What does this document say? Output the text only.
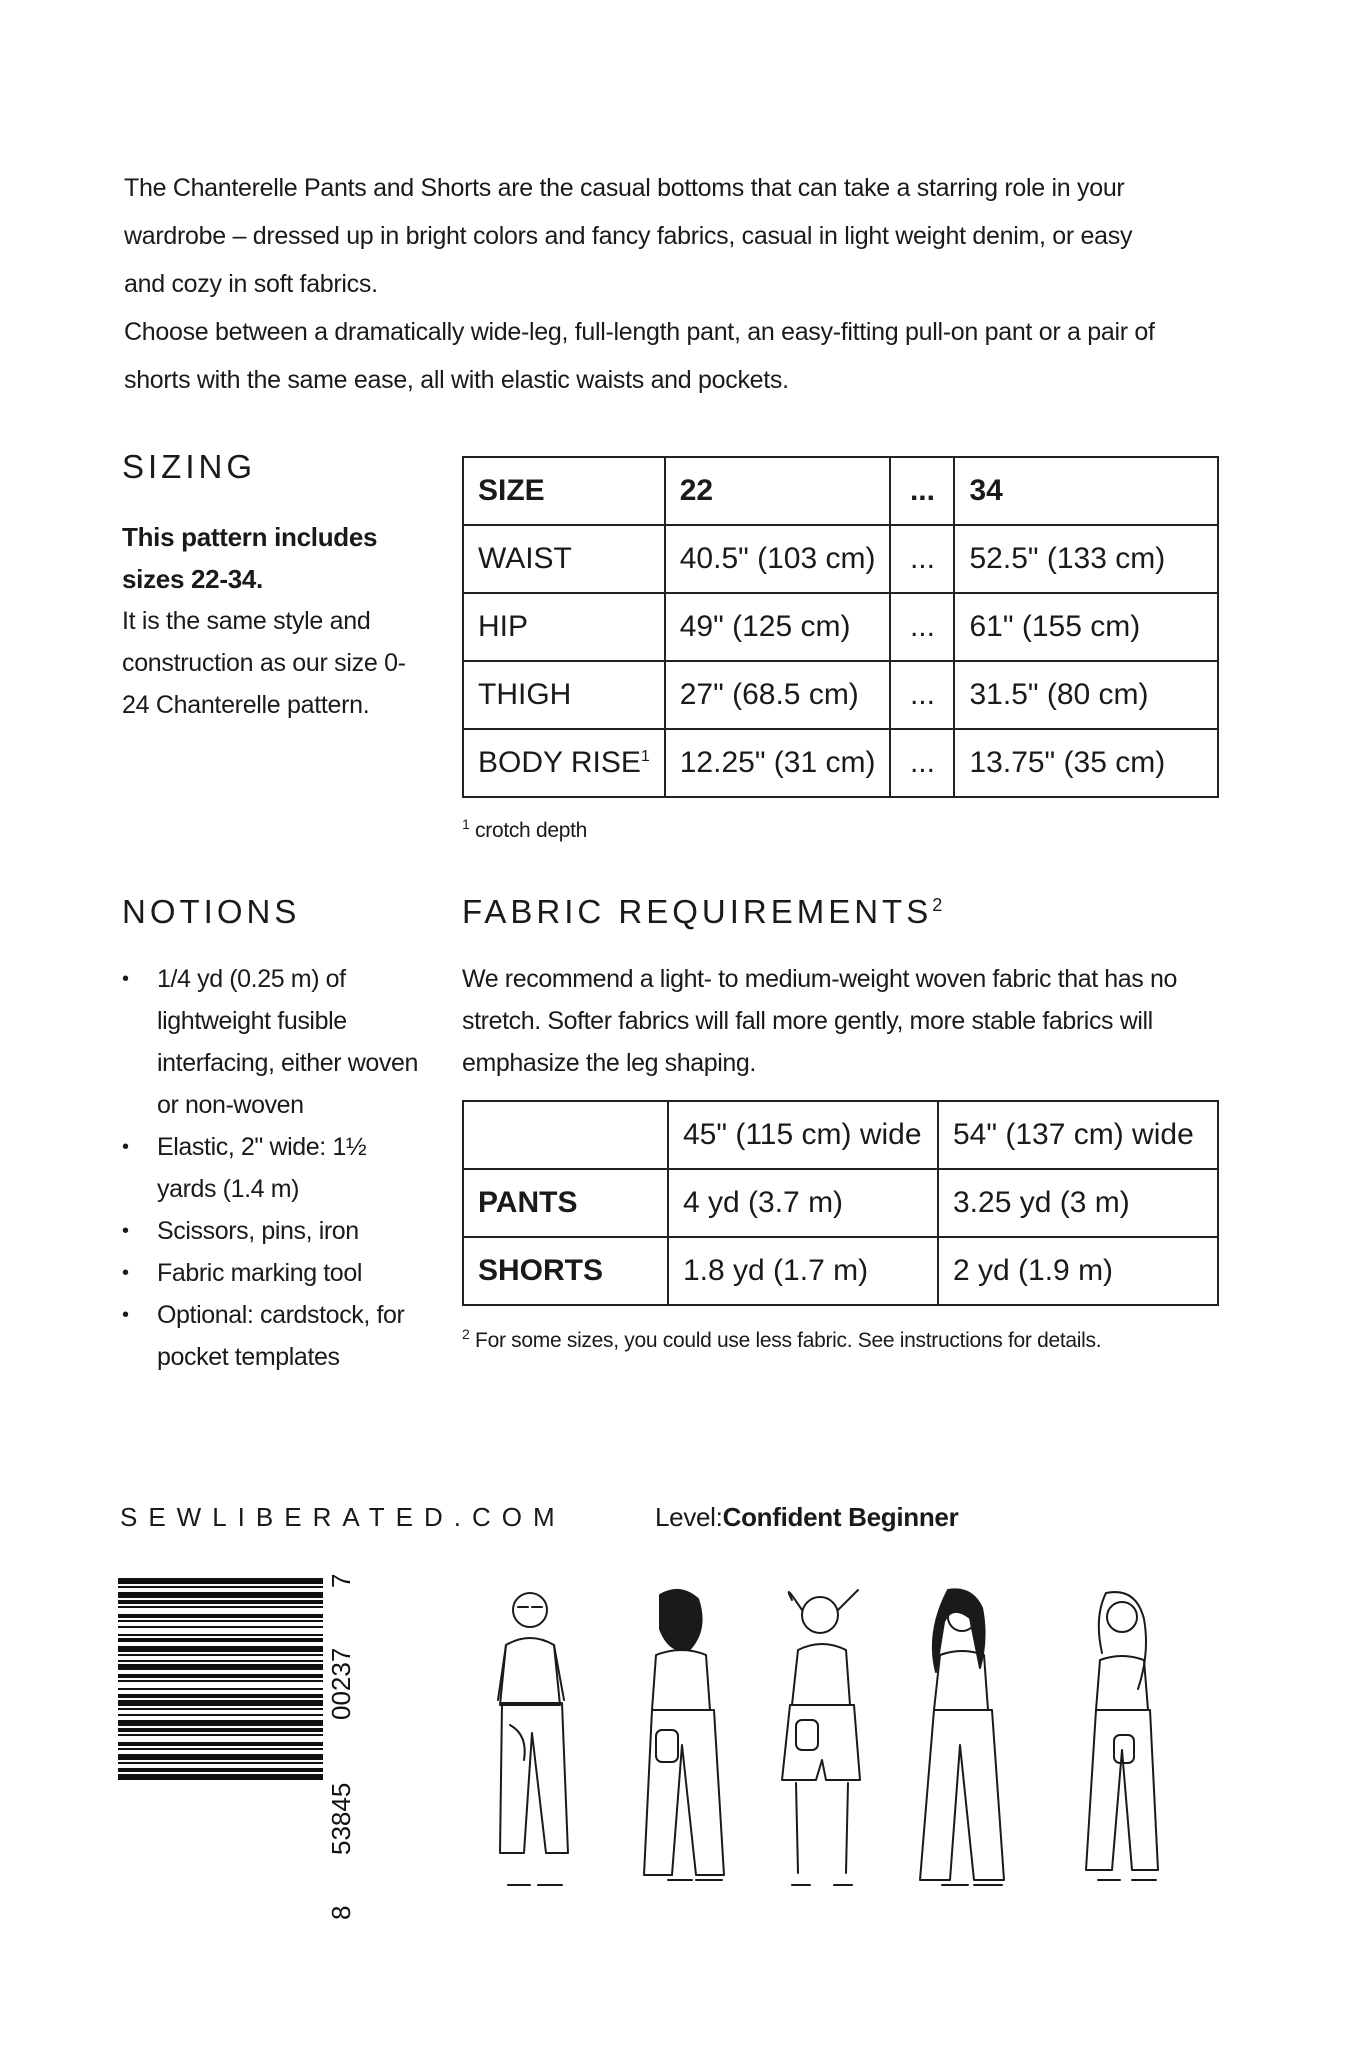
The Chanterelle Pants and Shorts are the casual bottoms that can take a starring role in your wardrobe – dressed up in bright colors and fancy fabrics, casual in light weight denim, or easy and cozy in soft fabrics.

Choose between a dramatically wide-leg, full-length pant, an easy-fitting pull-on pant or a pair of shorts with the same ease, all with elastic waists and pockets.

SIZING
This pattern includes sizes 22-34.
It is the same style and construction as our size 0-24 Chanterelle pattern.
SIZE	22	...	34
WAIST	40.5" (103 cm)	...	52.5" (133 cm)
HIP	49" (125 cm)	...	61" (155 cm)
THIGH	27" (68.5 cm)	...	31.5" (80 cm)
BODY RISE$^1$	12.25" (31 cm)	...	13.75" (35 cm)
$^1$ crotch depth
NOTIONS
• 1/4 yd (0.25 m) of lightweight fusible interfacing, either woven or non-woven
• Elastic, 2" wide: 1½ yards (1.4 m)
• Scissors, pins, iron
• Fabric marking tool
• Optional: cardstock, for pocket templates
FABRIC REQUIREMENTS$^2$
We recommend a light- to medium-weight woven fabric that has no stretch. Softer fabrics will fall more gently, more stable fabrics will emphasize the leg shaping.
	45" (115 cm) wide	54" (137 cm) wide
PANTS	4 yd (3.7 m)	3.25 yd (3 m)
SHORTS	1.8 yd (1.7 m)	2 yd (1.9 m)
$^2$ For some sizes, you could use less fabric. See instructions for details.
SEWLIBERATED.COM	Level:Confident Beginner
8
53845
00237
7
